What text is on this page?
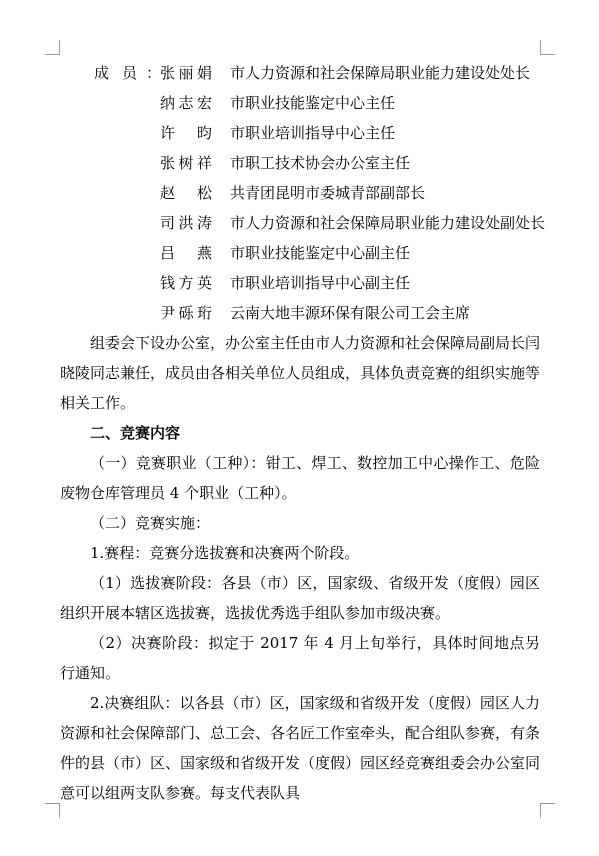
成员
：
张丽娟 市人力资源和社会保障局职业能力建设处处长
纳志宏 市职业技能鉴定中心主任
许昀 市职业培训指导中心主任
张树祥 市职工技术协会办公室主任
赵松 共青团昆明市委城青部副部长
司洪涛 市人力资源和社会保障局职业能力建设处副处长
吕燕 市职业技能鉴定中心副主任
钱方英 市职业培训指导中心副主任
尹砾珩 云南大地丰源环保有限公司工会主席

组委会下设办公室，办公室主任由市人力资源和社会保障局副局长闫晓陵同志兼任，成员由各相关单位人员组成，具体负责竞赛的组织实施等相关工作。

二、竞赛内容

（一）竞赛职业（工种）：钳工、焊工、数控加工中心操作工、危险废物仓库管理员 4 个职业（工种）。

（二）竞赛实施：

1.赛程：竞赛分选拔赛和决赛两个阶段。

（1）选拔赛阶段：各县（市）区，国家级、省级开发（度假）园区组织开展本辖区选拔赛，选拔优秀选手组队参加市级决赛。

（2）决赛阶段：拟定于 2017 年 4 月上旬举行，具体时间地点另行通知。

2.决赛组队：以各县（市）区，国家级和省级开发（度假）园区人力资源和社会保障部门、总工会、各名匠工作室牵头，配合组队参赛，有条件的县（市）区、国家级和省级开发（度假）园区经竞赛组委会办公室同意可以组两支队参赛。每支代表队具
